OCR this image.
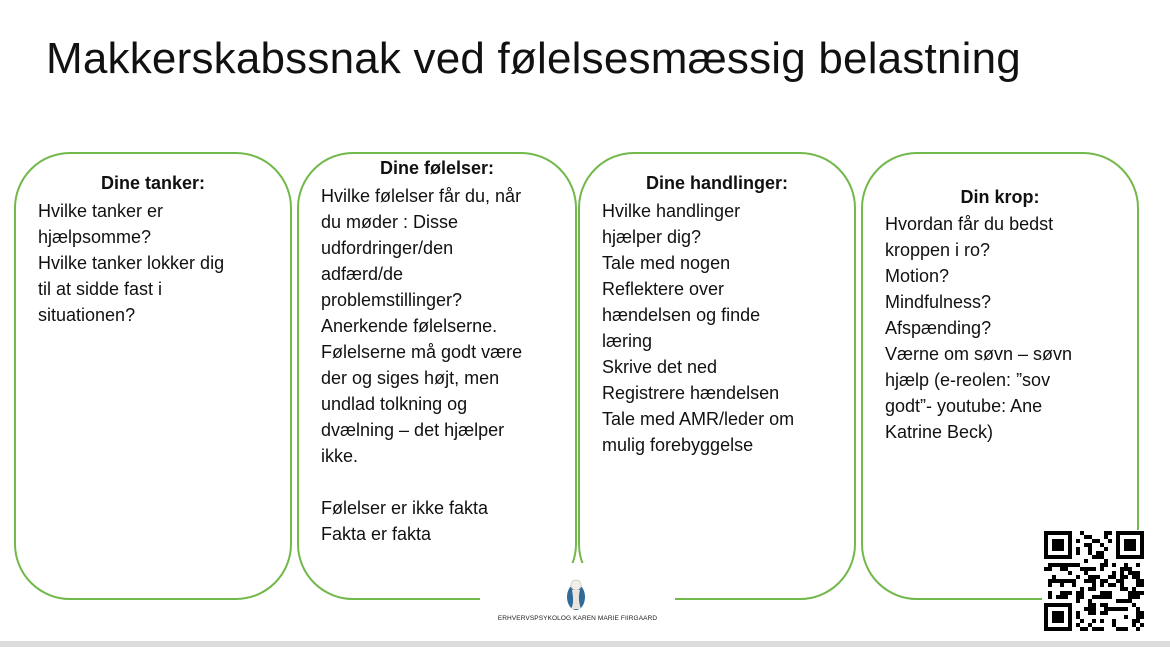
Makkerskabssnak ved følelsesmæssig belastning
Dine tanker:
Hvilke tanker er
hjælpsomme?
Hvilke tanker lokker dig
til at sidde fast i
situationen?
Dine følelser:
Hvilke følelser får du, når
du møder : Disse
udfordringer/den
adfærd/de
problemstillinger?
Anerkende følelserne.
Følelserne må godt være
der og siges højt, men
undlad tolkning og
dvælning – det hjælper
ikke.
Følelser er ikke fakta
Fakta er fakta
Dine handlinger:
Hvilke handlinger
hjælper dig?
Tale med nogen
Reflektere over
hændelsen og finde
læring
Skrive det ned
Registrere hændelsen
Tale med AMR/leder om
mulig forebyggelse
Din krop:
Hvordan får du bedst
kroppen i ro?
Motion?
Mindfulness?
Afspænding?
Værne om søvn – søvn
hjælp (e-reolen: ”sov
godt”- youtube: Ane
Katrine Beck)
ERHVERVSPSYKOLOG KAREN MARIE FIIRGAARD
